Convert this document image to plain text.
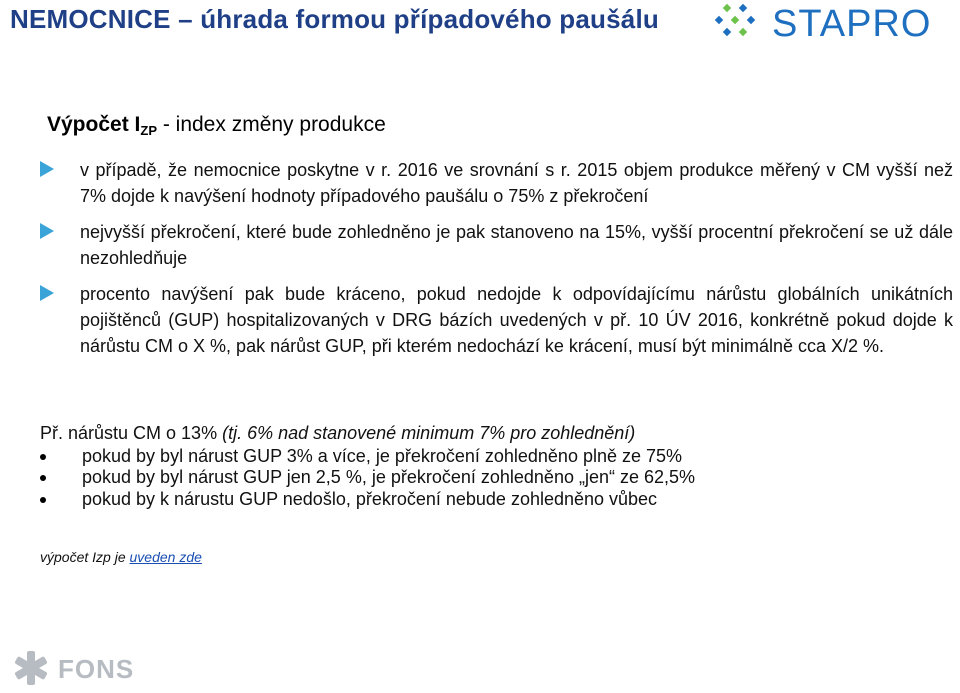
NEMOCNICE – úhrada formou případového paušálu	STAPRO
Výpočet $I_{ZP}$ - index změny produkce
v případě, že nemocnice poskytne v r. 2016 ve srovnání s r. 2015 objem produkce měřený v CM vyšší než 7% dojde k navýšení hodnoty případového paušálu o 75% z překročení
nejvyšší překročení, které bude zohledněno je pak stanoveno na 15%, vyšší procentní překročení se už dále nezohledňuje
procento navýšení pak bude kráceno, pokud nedojde k odpovídajícímu nárůstu globálních unikátních pojištěnců (GUP) hospitalizovaných v DRG bázích uvedených v př. 10 ÚV 2016, konkrétně pokud dojde k nárůstu CM o X %, pak nárůst GUP, při kterém nedochází ke krácení, musí být minimálně cca X/2 %.

Př. nárůstu CM o 13% (tj. 6% nad stanovené minimum 7% pro zohlednění)

pokud by byl nárust GUP 3% a více, je překročení zohledněno plně ze 75%
pokud by byl nárust GUP jen 2,5 %, je překročení zohledněno „jen“ ze 62,5%
pokud by k nárustu GUP nedošlo, překročení nebude zohledněno vůbec
výpočet Izp je uveden zde
FONS
